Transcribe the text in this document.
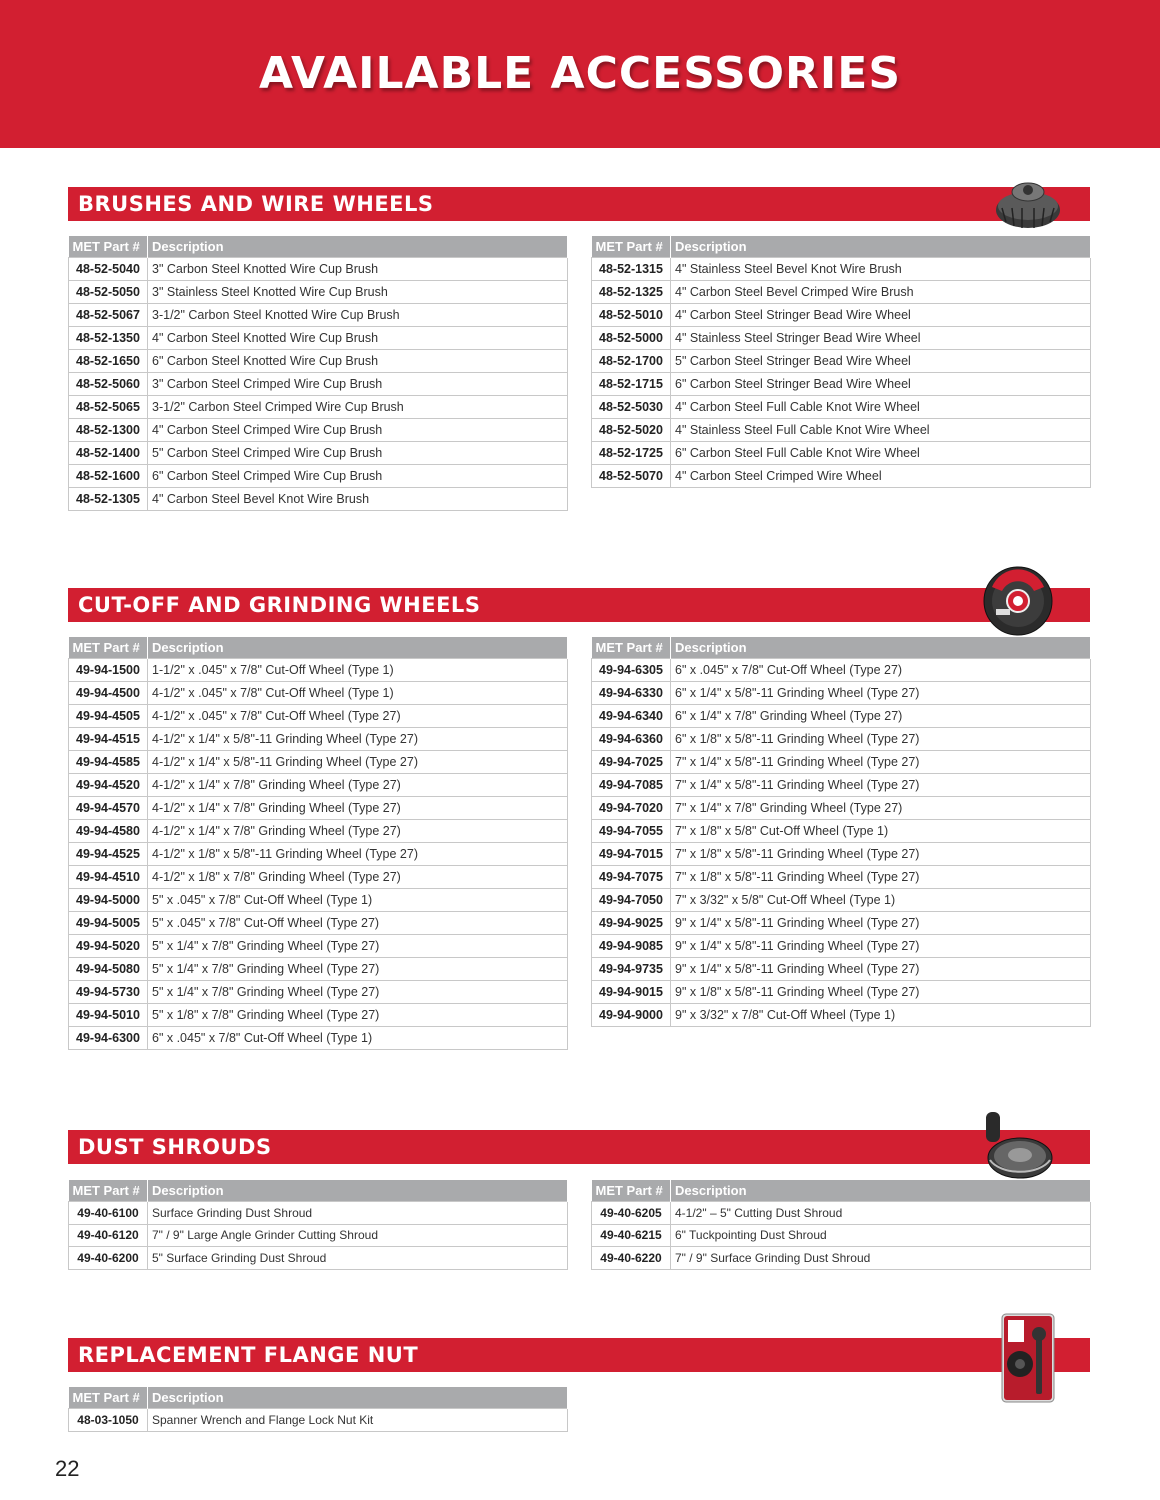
AVAILABLE ACCESSORIES
BRUSHES AND WIRE WHEELS
MET Part #	Description
48-52-5040	3" Carbon Steel Knotted Wire Cup Brush
48-52-5050	3" Stainless Steel Knotted Wire Cup Brush
48-52-5067	3-1/2" Carbon Steel Knotted Wire Cup Brush
48-52-1350	4" Carbon Steel Knotted Wire Cup Brush
48-52-1650	6" Carbon Steel Knotted Wire Cup Brush
48-52-5060	3" Carbon Steel Crimped Wire Cup Brush
48-52-5065	3-1/2" Carbon Steel Crimped Wire Cup Brush
48-52-1300	4" Carbon Steel Crimped Wire Cup Brush
48-52-1400	5" Carbon Steel Crimped Wire Cup Brush
48-52-1600	6" Carbon Steel Crimped Wire Cup Brush
48-52-1305	4" Carbon Steel Bevel Knot Wire Brush
MET Part #	Description
48-52-1315	4" Stainless Steel Bevel Knot Wire Brush
48-52-1325	4" Carbon Steel Bevel Crimped Wire Brush
48-52-5010	4" Carbon Steel Stringer Bead Wire Wheel
48-52-5000	4" Stainless Steel Stringer Bead Wire Wheel
48-52-1700	5" Carbon Steel Stringer Bead Wire Wheel
48-52-1715	6" Carbon Steel Stringer Bead Wire Wheel
48-52-5030	4" Carbon Steel Full Cable Knot Wire Wheel
48-52-5020	4" Stainless Steel Full Cable Knot Wire Wheel
48-52-1725	6" Carbon Steel Full Cable Knot Wire Wheel
48-52-5070	4" Carbon Steel Crimped Wire Wheel
CUT-OFF AND GRINDING WHEELS
MET Part #	Description
49-94-1500	1-1/2" x .045" x 7/8" Cut-Off Wheel (Type 1)
49-94-4500	4-1/2" x .045" x 7/8" Cut-Off Wheel (Type 1)
49-94-4505	4-1/2" x .045" x 7/8" Cut-Off Wheel (Type 27)
49-94-4515	4-1/2" x 1/4" x 5/8"-11 Grinding Wheel (Type 27)
49-94-4585	4-1/2" x 1/4" x 5/8"-11 Grinding Wheel (Type 27)
49-94-4520	4-1/2" x 1/4" x 7/8" Grinding Wheel (Type 27)
49-94-4570	4-1/2" x 1/4" x 7/8" Grinding Wheel (Type 27)
49-94-4580	4-1/2" x 1/4" x 7/8" Grinding Wheel (Type 27)
49-94-4525	4-1/2" x 1/8" x 5/8"-11 Grinding Wheel (Type 27)
49-94-4510	4-1/2" x 1/8" x 7/8" Grinding Wheel (Type 27)
49-94-5000	5" x .045" x 7/8" Cut-Off Wheel (Type 1)
49-94-5005	5" x .045" x 7/8" Cut-Off Wheel (Type 27)
49-94-5020	5" x 1/4" x 7/8" Grinding Wheel (Type 27)
49-94-5080	5" x 1/4" x 7/8" Grinding Wheel (Type 27)
49-94-5730	5" x 1/4" x 7/8" Grinding Wheel (Type 27)
49-94-5010	5" x 1/8" x 7/8" Grinding Wheel (Type 27)
49-94-6300	6" x .045" x 7/8" Cut-Off Wheel (Type 1)
MET Part #	Description
49-94-6305	6" x .045" x 7/8" Cut-Off Wheel (Type 27)
49-94-6330	6" x 1/4" x 5/8"-11 Grinding Wheel (Type 27)
49-94-6340	6" x 1/4" x 7/8" Grinding Wheel (Type 27)
49-94-6360	6" x 1/8" x 5/8"-11 Grinding Wheel (Type 27)
49-94-7025	7" x 1/4" x 5/8"-11 Grinding Wheel (Type 27)
49-94-7085	7" x 1/4" x 5/8"-11 Grinding Wheel (Type 27)
49-94-7020	7" x 1/4" x 7/8" Grinding Wheel (Type 27)
49-94-7055	7" x 1/8" x 5/8" Cut-Off Wheel (Type 1)
49-94-7015	7" x 1/8" x 5/8"-11 Grinding Wheel (Type 27)
49-94-7075	7" x 1/8" x 5/8"-11 Grinding Wheel (Type 27)
49-94-7050	7" x 3/32" x 5/8" Cut-Off Wheel (Type 1)
49-94-9025	9" x 1/4" x 5/8"-11 Grinding Wheel (Type 27)
49-94-9085	9" x 1/4" x 5/8"-11 Grinding Wheel (Type 27)
49-94-9735	9" x 1/4" x 5/8"-11 Grinding Wheel (Type 27)
49-94-9015	9" x 1/8" x 5/8"-11 Grinding Wheel (Type 27)
49-94-9000	9" x 3/32" x 7/8" Cut-Off Wheel (Type 1)
DUST SHROUDS
MET Part #	Description
49-40-6100	Surface Grinding Dust Shroud
49-40-6120	7" / 9" Large Angle Grinder Cutting Shroud
49-40-6200	5" Surface Grinding Dust Shroud
MET Part #	Description
49-40-6205	4-1/2" – 5" Cutting Dust Shroud
49-40-6215	6" Tuckpointing Dust Shroud
49-40-6220	7" / 9" Surface Grinding Dust Shroud
REPLACEMENT FLANGE NUT
MET Part #	Description
48-03-1050	Spanner Wrench and Flange Lock Nut Kit
22
